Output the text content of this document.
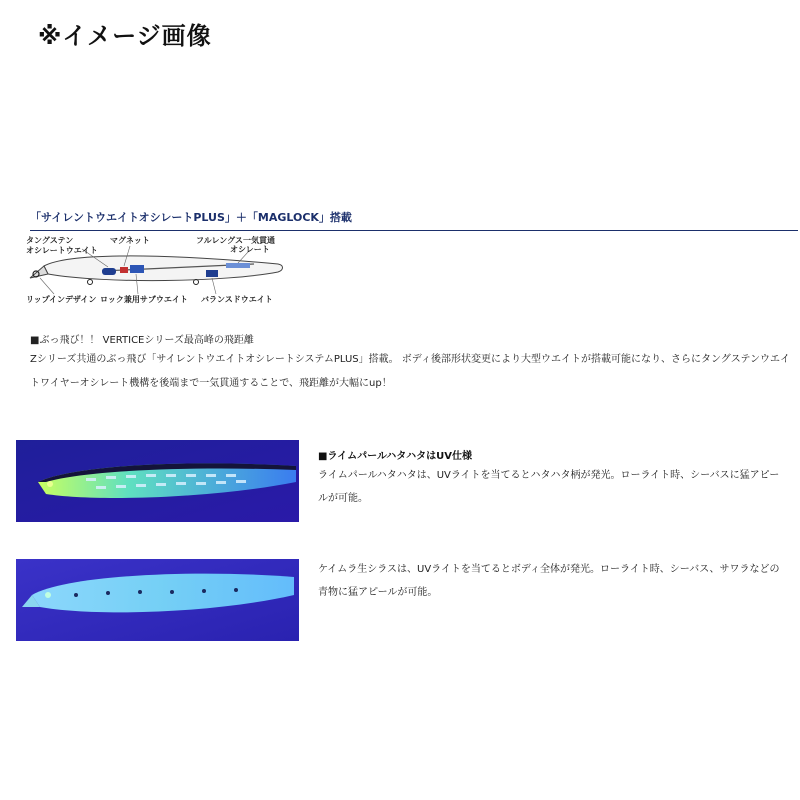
※イメージ画像
「サイレントウエイトオシレートPLUS」＋「MAGLOCK」搭載
タングステン
オシレートウエイト
マグネット	フルレングス一気貫通
オシレート
リップインデザイン ロック兼用サブウエイト バランスドウエイト
■ぶっ飛び！！ VERTICEシリーズ最高峰の飛距離
Zシリーズ共通のぶっ飛び「サイレントウエイトオシレートシステムPLUS」搭載。 ボディ後部形状変更により大型ウエイトが搭載可能になり、さらにタングステンウエイトワイヤーオシレート機構を後端まで一気貫通することで、飛距離が大幅にup！
■ライムパールハタハタはUV仕様
ライムパールハタハタは、UVライトを当てるとハタハタ柄が発光。ローライト時、シーバスに猛アピールが可能。
ケイムラ生シラスは、UVライトを当てるとボディ全体が発光。ローライト時、シーバス、サワラなどの青物に猛アピールが可能。
